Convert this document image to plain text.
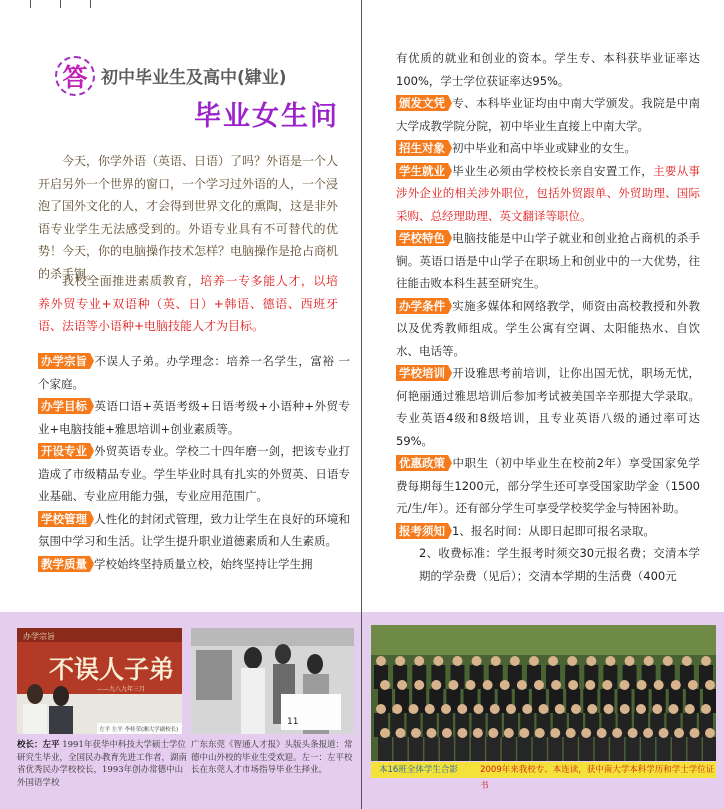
答 初中毕业生及高中(肄业)
毕业女生问
今天，你学外语（英语、日语）了吗？外语是一个人开启另外一个世界的窗口，一个学习过外语的人，一个浸泡了国外文化的人，才会得到世界文化的熏陶，这是非外语专业学生无法感受到的。外语专业具有不可替代的优势！今天，你的电脑操作技术怎样？电脑操作是抢占商机的杀手锏。
我校全面推进素质教育，培养一专多能人才，以培养外贸专业+双语种（英、日）+韩语、德语、西班牙语、法语等小语种+电脑技能人才为目标。
办学宗旨 不误人子弟。办学理念：培养一名学生，富裕 一个家庭。
办学目标 英语口语+英语考级+日语考级+小语种+外贸专业+电脑技能+雅思培训+创业素质等。
开设专业 外贸英语专业。学校二十四年磨一剑，把该专业打造成了市级精品专业。学生毕业时具有扎实的外贸英、日语专业基础、专业应用能力强，专业应用范围广。
学校管理 人性化的封闭式管理，致力让学生在良好的环境和氛围中学习和生活。让学生提升职业道德素质和人生素质。
教学质量 学校始终坚持质量立校，始终坚持让学生拥
办学宗旨
不误人子弟
——九八九年三月
左平 左平 李桂荣(湘大学副校长)
11
校长：左平 1991年获华中科技大学硕士学位 研究生毕业，全国民办教育先进工作者，湖南省优秀民办学校校长，1993年创办常德中山外国语学校
广东东莞《智通人才报》头版头条报道：常德中山外校的毕业生受欢迎。左一：左平校长在东莞人才市场指导毕业生择业。
有优质的就业和创业的资本。学生专、本科获毕业证率达100%，学士学位获证率达95%。
颁发文凭 专、本科毕业证均由中南大学颁发。我院是中南大学成教学院分院，初中毕业生直接上中南大学。
招生对象 初中毕业和高中毕业或肄业的女生。
学生就业 毕业生必须由学校校长亲自安置工作，主要从事涉外企业的相关涉外职位，包括外贸跟单、外贸助理、国际采购、总经理助理、英文翻译等职位。
学校特色 电脑技能是中山学子就业和创业抢占商机的杀手锏。英语口语是中山学子在职场上和创业中的一大优势，往往能击败本科生甚至研究生。
办学条件 实施多媒体和网络教学，师资由高校教授和外教以及优秀教师组成。学生公寓有空调、太阳能热水、自饮水、电话等。
学校培训 开设雅思考前培训，让你出国无忧，职场无忧，何艳丽通过雅思培训后参加考试被美国辛辛那提大学录取。专业英语4级和8级培训，且专业英语八级的通过率可达59%。
优惠政策 中职生（初中毕业生在校前2年）享受国家免学费每期每生1200元，部分学生还可享受国家助学金（1500元/生/年）。还有部分学生可享受学校奖学金与特困补助。
报考须知 1、报名时间：从即日起即可报名录取。
2、收费标准：学生报考时须交30元报名费；交清本学期的学杂费（见后）；交清本学期的生活费（400元
本16班全体学生合影	2009年来我校专、本连读，获中南大学本科学历和学士学位证书
